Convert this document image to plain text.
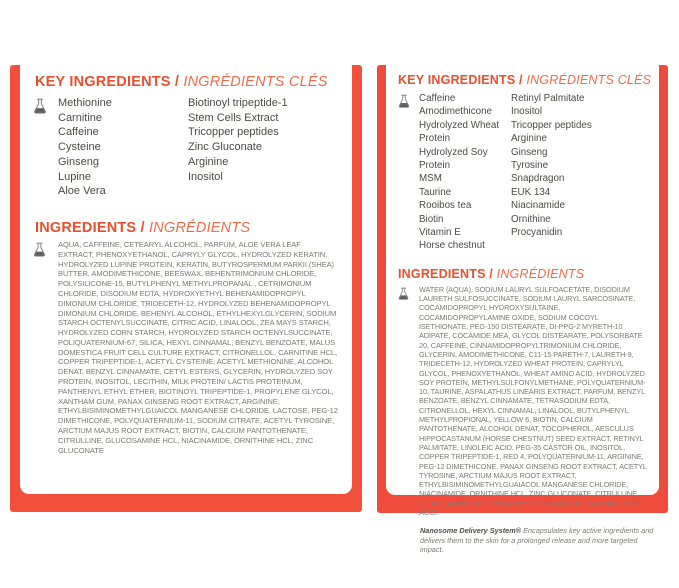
KEY INGREDIENTS / INGRÉDIENTS CLÉS
Methionine
Carnitine
Caffeine
Cysteine
Ginseng
Lupine
Aloe Vera
Biotinoyl tripeptide-1
Stem Cells Extract
Tricopper peptides
Zinc Gluconate
Arginine
Inositol
INGREDIENTS / INGRÉDIENTS
AQUA, CAFFEINE, CETEARYL ALCOHOL, PARFUM, ALOE VERA LEAF EXTRACT, PHENOXYETHANOL, CAPRYLY GLYCOL, HYDROLYZED KERATIN, HYDROLYZED LUPINE PROTEIN, KERATIN, BUTYROSPERMUM PARKII (SHEA) BUTTER, AMODIMETHICONE, BEESWAX, BEHENTRIMONIUM CHLORIDE, POLYSILICONE-15, BUTYLPHENYL METHYLPROPANAL , CETRIMONIUM CHLORIDE, DISODIUM EDTA, HYDROXYETHYL BEHENAMIDOPROPYL DIMONIUM CHLORIDE, TRIDECETH-12, HYDROLYZED BEHENAMIDOPROPYL DIMONIUM CHLORIDE, BEHENYL ALCOHOL, ETHYLHEXYLGLYCERIN, SODIUM STARCH OCTENYLSUCCINATE, CITRIC ACID, LINALOOL, ZEA MAYS STARCH, HYDROLYZED CORN STARCH, HYDROLYZED STARCH OCTENYLSUCCINATE, POLIQUATERNIUM-67, SILICA, HEXYL CINNAMAL, BENZYL BENZOATE, MALUS DOMESTICA FRUIT CELL CULTURE EXTRACT, CITRONELLOL, CARNITINE HCL, COPPER TRIPEPTIDE-1, ACETYL CYSTEINE, ACETYL METHIONINE, ALCOHOL DENAT, BENZYL CINNAMATE, CETYL ESTERS, GLYCERIN, HYDROLYZED SOY PROTEIN, INOSITOL, LECITHIN, MILK PROTEIN/ LACTIS PROTEINUM, PANTHENYL ETHYL ETHER, BIOTINOYL TRIPEPTIDE-1, PROPYLENE GLYCOL, XANTHAM GUM, PANAX GINSENG ROOT EXTRACT, ARGININE, ETHYLBISIMINOMETHYLGUAICOL MANGANESE CHLORIDE, LACTOSE, PEG-12 DIMETHICONE, POLYQUATERNIUM-11, SODIUM CITRATE, ACETYL TYROSINE, ARCTIUM MAJUS ROOT EXTRACT, BIOTIN, CALCIUM PANTOTHENATE, CITRULLINE, GLUCOSAMINE HCL, NIACINAMIDE, ORNITHINE HCL, ZINC GLUCONATE
KEY INGREDIENTS / INGRÉDIENTS CLÉS
Caffeine
Amodimethicone
Hydrolyzed Wheat Protein
Hydrolyzed Soy Protein
MSM
Taurine
Rooibos tea
Biotin
Vitamin E
Horse chestnut
Retinyl Palmitate
Inositol
Tricopper peptides
Arginine
Ginseng
Tyrosine
Snapdragon
EUK 134
Niacinamide
Ornithine
Procyanidin
INGREDIENTS / INGRÉDIENTS
WATER (AQUA), SODIUM LAURYL SULFOACETATE, DISODIUM LAURETH SULFOSUCCINATE, SODIUM LAURYL SARCOSINATE, COCAMIDOPROPYL HYDROXYSULTAINE, COCAMIDOPROPYLAMINE OXIDE, SODIUM COCOYL ISETHIONATE, PEG-150 DISTEARATE, DI-PPG-2 MYRETH-10 ADIPATE, COCAMIDE MEA, GLYCOL DISTEARATE, POLYSORBATE 20, CAFFEINE, CINNAMIDOPROPYLTRIMONIUM CHLORIDE, GLYCERIN, AMODIMETHICONE, C11-15 PARETH-7, LAURETH-9, TRIDECETH-12, HYDROLYZED WHEAT PROTEIN, CAPRYLYL GLYCOL, PHENOXYETHANOL, WHEAT AMINO ACID, HYDROLYZED SOY PROTEIN, METHYLSULFONYLMETHANE, POLYQUATERNIUM-10, TAURINE, ASPALATHUS LINEARIS EXTRACT, PARFUM, BENZYL BENZOATE, BENZYL CINNAMATE, TETRASODIUM EDTA, CITRONELLOL, HEXYL CINNAMAL, LINALOOL, BUTYLPHENYL METHYLPROPIONAL, YELLOW 6, BIOTIN, CALCIUM PANTOTHENATE, ALCOHOL DENAT, TOCOPHEROL, AESCULUS HIPPOCASTANUM (HORSE CHESTNUT) SEED EXTRACT, RETINYL PALMITATE, LINOLEIC ACID, PEG-35 CASTOR OIL, INOSITOL, COPPER TRIPEPTIDE-1, RED 4, POLYQUATERNIUM-11, ARGININE, PEG-12 DIMETHICONE, PANAX GINSENG ROOT EXTRACT, ACETYL TYROSINE, ARCTIUM MAJUS ROOT EXTRACT, ETHYLBISIMINOMETHYLGUAIACOL MANGANESE CHLORIDE, NIACINAMIDE, ORNITHINE HCL, ZINC GLUCONATE, CITRULLINE, GLUCOSAMINE HCL, HYDROLYZED PROANTHOCYANIDIN, CITRIC ACID.
Nanosome Delivery System® Encapsulates key active ingredients and delivers them to the skin for a prolonged release and more targeted impact.
